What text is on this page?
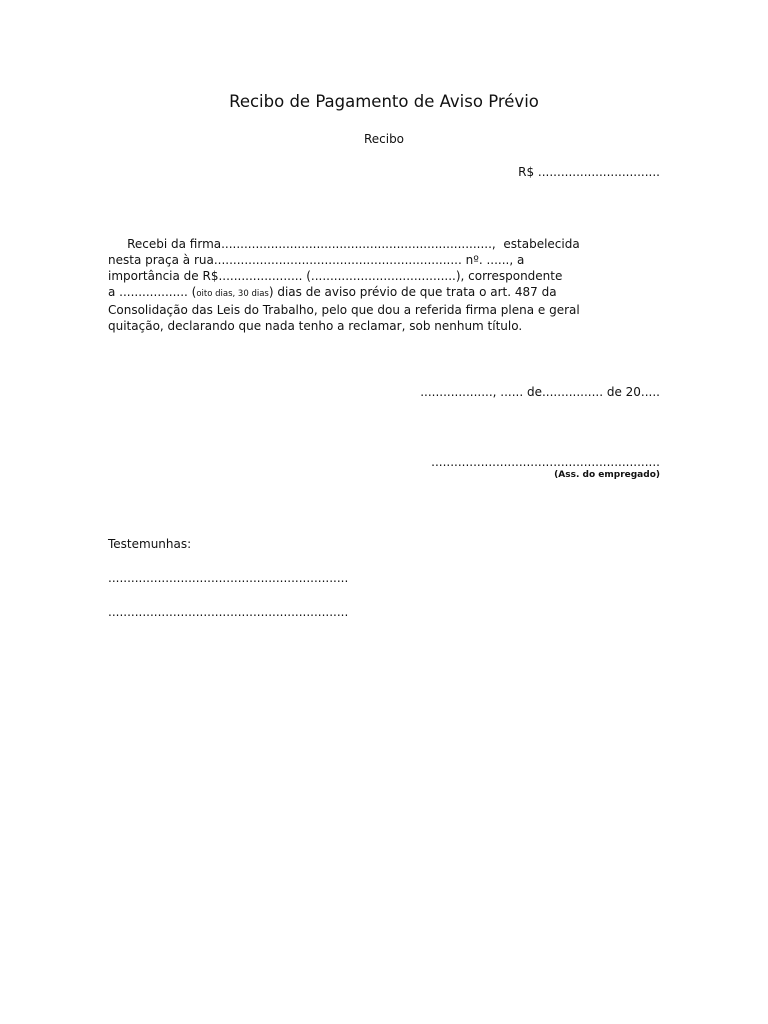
Recibo de Pagamento de Aviso Prévio
Recibo
R$ ................................
Recebi da firma.......................................................................,  estabelecida
nesta praça à rua................................................................. nº. ......, a
importância de R$...................... (......................................), correspondente
a .................. (oito dias, 30 dias) dias de aviso prévio de que trata o art. 487 da
Consolidação das Leis do Trabalho, pelo que dou a referida firma plena e geral
quitação, declarando que nada tenho a reclamar, sob nenhum título.
..................., ...... de................ de 20.....
............................................................
(Ass. do empregado)
Testemunhas:
...............................................................
...............................................................
